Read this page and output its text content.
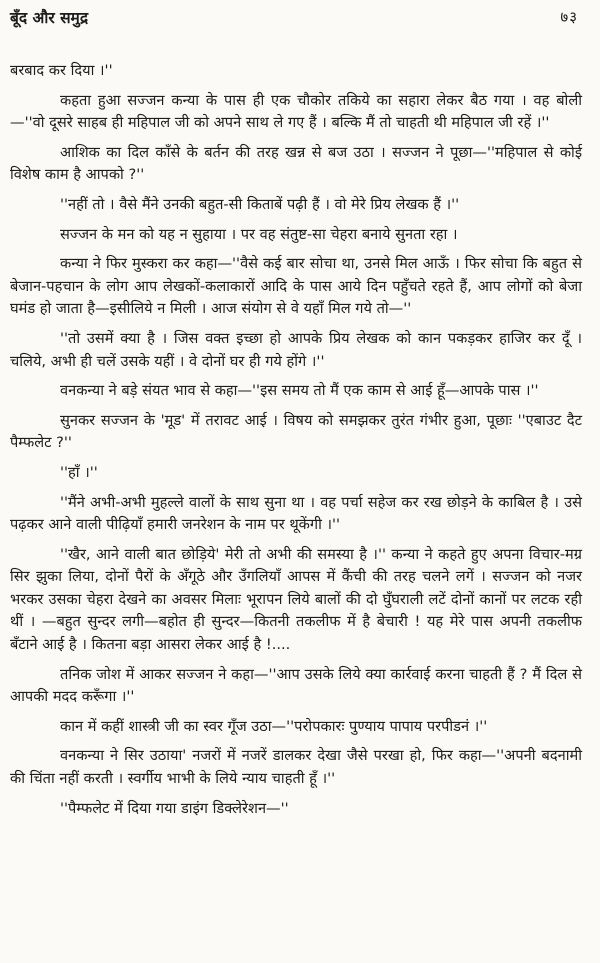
बूँद और समुद्र	७३

बरबाद कर दिया ।''

कहता हुआ सज्जन कन्या के पास ही एक चौकोर तकिये का सहारा लेकर बैठ गया । वह बोली —''वो दूसरे साहब ही महिपाल जी को अपने साथ ले गए हैं । बल्कि मैं तो चाहती थी महिपाल जी रहें ।''

आशिक का दिल काँसे के बर्तन की तरह खन्न से बज उठा । सज्जन ने पूछा—''महिपाल से कोई विशेष काम है आपको ?''

''नहीं तो । वैसे मैंने उनकी बहुत-सी किताबें पढ़ी हैं । वो मेरे प्रिय लेखक हैं ।''

सज्जन के मन को यह न सुहाया । पर वह संतुष्ट-सा चेहरा बनाये सुनता रहा ।

कन्या ने फिर मुस्करा कर कहा—''वैसे कई बार सोचा था, उनसे मिल आऊँ । फिर सोचा कि बहुत से बेजान-पहचान के लोग आप लेखकों-कलाकारों आदि के पास आये दिन पहुँचते रहते हैं, आप लोगों को बेजा घमंड हो जाता है—इसीलिये न मिली । आज संयोग से वे यहाँ मिल गये तो—''

''तो उसमें क्या है । जिस वक्त इच्छा हो आपके प्रिय लेखक को कान पकड़कर हाजिर कर दूँ । चलिये, अभी ही चलें उसके यहीं । वे दोनों घर ही गये होंगे ।''

वनकन्या ने बड़े संयत भाव से कहा—''इस समय तो मैं एक काम से आई हूँ—आपके पास ।''

सुनकर सज्जन के 'मूड' में तरावट आई । विषय को समझकर तुरंत गंभीर हुआ, पूछाः ''एबाउट दैट पैम्फलेट ?''

''हाँ ।''

''मैंने अभी-अभी मुहल्ले वालों के साथ सुना था । वह पर्चा सहेज कर रख छोड़ने के काबिल है । उसे पढ़कर आने वाली पीढ़ियाँ हमारी जनरेशन के नाम पर थूकेंगी ।''

''खैर, आने वाली बात छोड़िये' मेरी तो अभी की समस्या है ।'' कन्या ने कहते हुए अपना विचार-मग्र सिर झुका लिया, दोनों पैरों के अँगूठे और उँगलियाँ आपस में कैंची की तरह चलने लगें । सज्जन को नजर भरकर उसका चेहरा देखने का अवसर मिलाः भूरापन लिये बालों की दो घुँघराली लटें दोनों कानों पर लटक रही थीं । —बहुत सुन्दर लगी—बहोत ही सुन्दर—कितनी तकलीफ में है बेचारी ! यह मेरे पास अपनी तकलीफ बँटाने आई है । कितना बड़ा आसरा लेकर आई है !....

तनिक जोश में आकर सज्जन ने कहा—''आप उसके लिये क्या कार्रवाई करना चाहती हैं ? मैं दिल से आपकी मदद करूँगा ।''

कान में कहीं शास्त्री जी का स्वर गूँज उठा—''परोपकारः पुण्याय पापाय परपीडनं ।''

वनकन्या ने सिर उठाया' नजरों में नजरें डालकर देखा जैसे परखा हो, फिर कहा—''अपनी बदनामी की चिंता नहीं करती । स्वर्गीय भाभी के लिये न्याय चाहती हूँ ।''

''पैम्फलेट में दिया गया डाइंग डिक्लेरेशन—''
